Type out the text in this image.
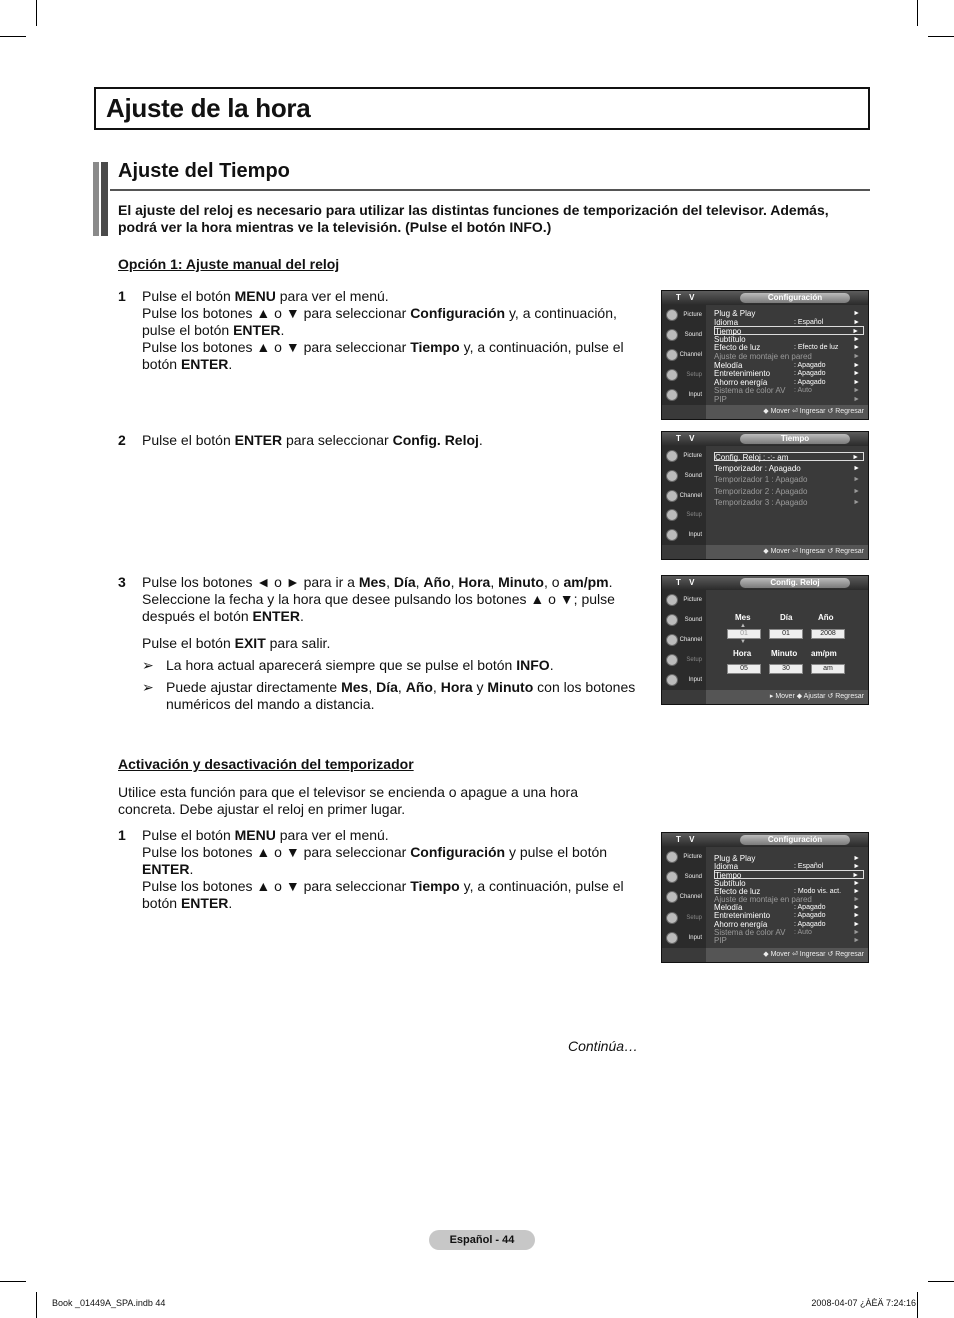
Ajuste de la hora
Ajuste del Tiempo
El ajuste del reloj es necesario para utilizar las distintas funciones de temporización del televisor. Además, podrá ver la hora mientras ve la televisión. (Pulse el botón INFO.)
Opción 1: Ajuste manual del reloj
1 Pulse el botón MENU para ver el menú.

Pulse los botones ▲ o ▼ para seleccionar Configuración y, a continuación, pulse el botón ENTER.

Pulse los botones ▲ o ▼ para seleccionar Tiempo y, a continuación, pulse el botón ENTER.

2 Pulse el botón ENTER para seleccionar Config. Reloj.

3 Pulse los botones ◄ o ► para ir a Mes, Día, Año, Hora, Minuto, o am/pm. Seleccione la fecha y la hora que desee pulsando los botones ▲ o ▼; pulse después el botón ENTER.

Pulse el botón EXIT para salir.

➢ La hora actual aparecerá siempre que se pulse el botón INFO.
➢ Puede ajustar directamente Mes, Día, Año, Hora y Minuto con los botones numéricos del mando a distancia.
Activación y desactivación del temporizador
Utilice esta función para que el televisor se encienda o apague a una hora concreta. Debe ajustar el reloj en primer lugar.
1 Pulse el botón MENU para ver el menú.

Pulse los botones ▲ o ▼ para seleccionar Configuración y pulse el botón ENTER.

Pulse los botones ▲ o ▼ para seleccionar Tiempo y, a continuación, pulse el botón ENTER.

Continúa…
Español - 44
Book _01449A_SPA.indb 44	2008-04-07 ¿ÀÈÄ 7:24:16
T V	Configuración
Picture
Sound
Channel
Setup
Input
Plug & Play	►
Idioma	: Español	►
Tiempo	►
Subtítulo	►
Efecto de luz	: Efecto de luz ►
Ajuste de montaje en pared	►
Melodía	: Apagado	►
Entretenimiento	: Apagado	►
Ahorro energía	: Apagado	►
Sistema de color AV : Auto	►
PIP	►
◆ Mover ⏎ Ingresar ↺ Regresar
T V	Tiempo
Picture
Sound
Channel
Setup
Input
Config. Reloj : -:- am	►
Temporizador : Apagado	►
Temporizador 1 : Apagado	►
Temporizador 2 : Apagado	►
Temporizador 3 : Apagado	►
◆ Mover ⏎ Ingresar ↺ Regresar
T V	Config. Reloj
Picture
Sound
Channel
Setup
Input
Mes	Día	Año
▲
01	01	2008
▼
Hora Minuto am/pm
05	30	am
▸ Mover ◆ Ajustar ↺ Regresar
T V	Configuración
Picture
Sound
Channel
Setup
Input
Plug & Play	►
Idioma	: Español	►
Tiempo	►
Subtítulo	►
Efecto de luz	: Modo vis. act. ►
Ajuste de montaje en pared	►
Melodía	: Apagado	►
Entretenimiento	: Apagado	►
Ahorro energía	: Apagado	►
Sistema de color AV : Auto	►
PIP	►
◆ Mover ⏎ Ingresar ↺ Regresar
